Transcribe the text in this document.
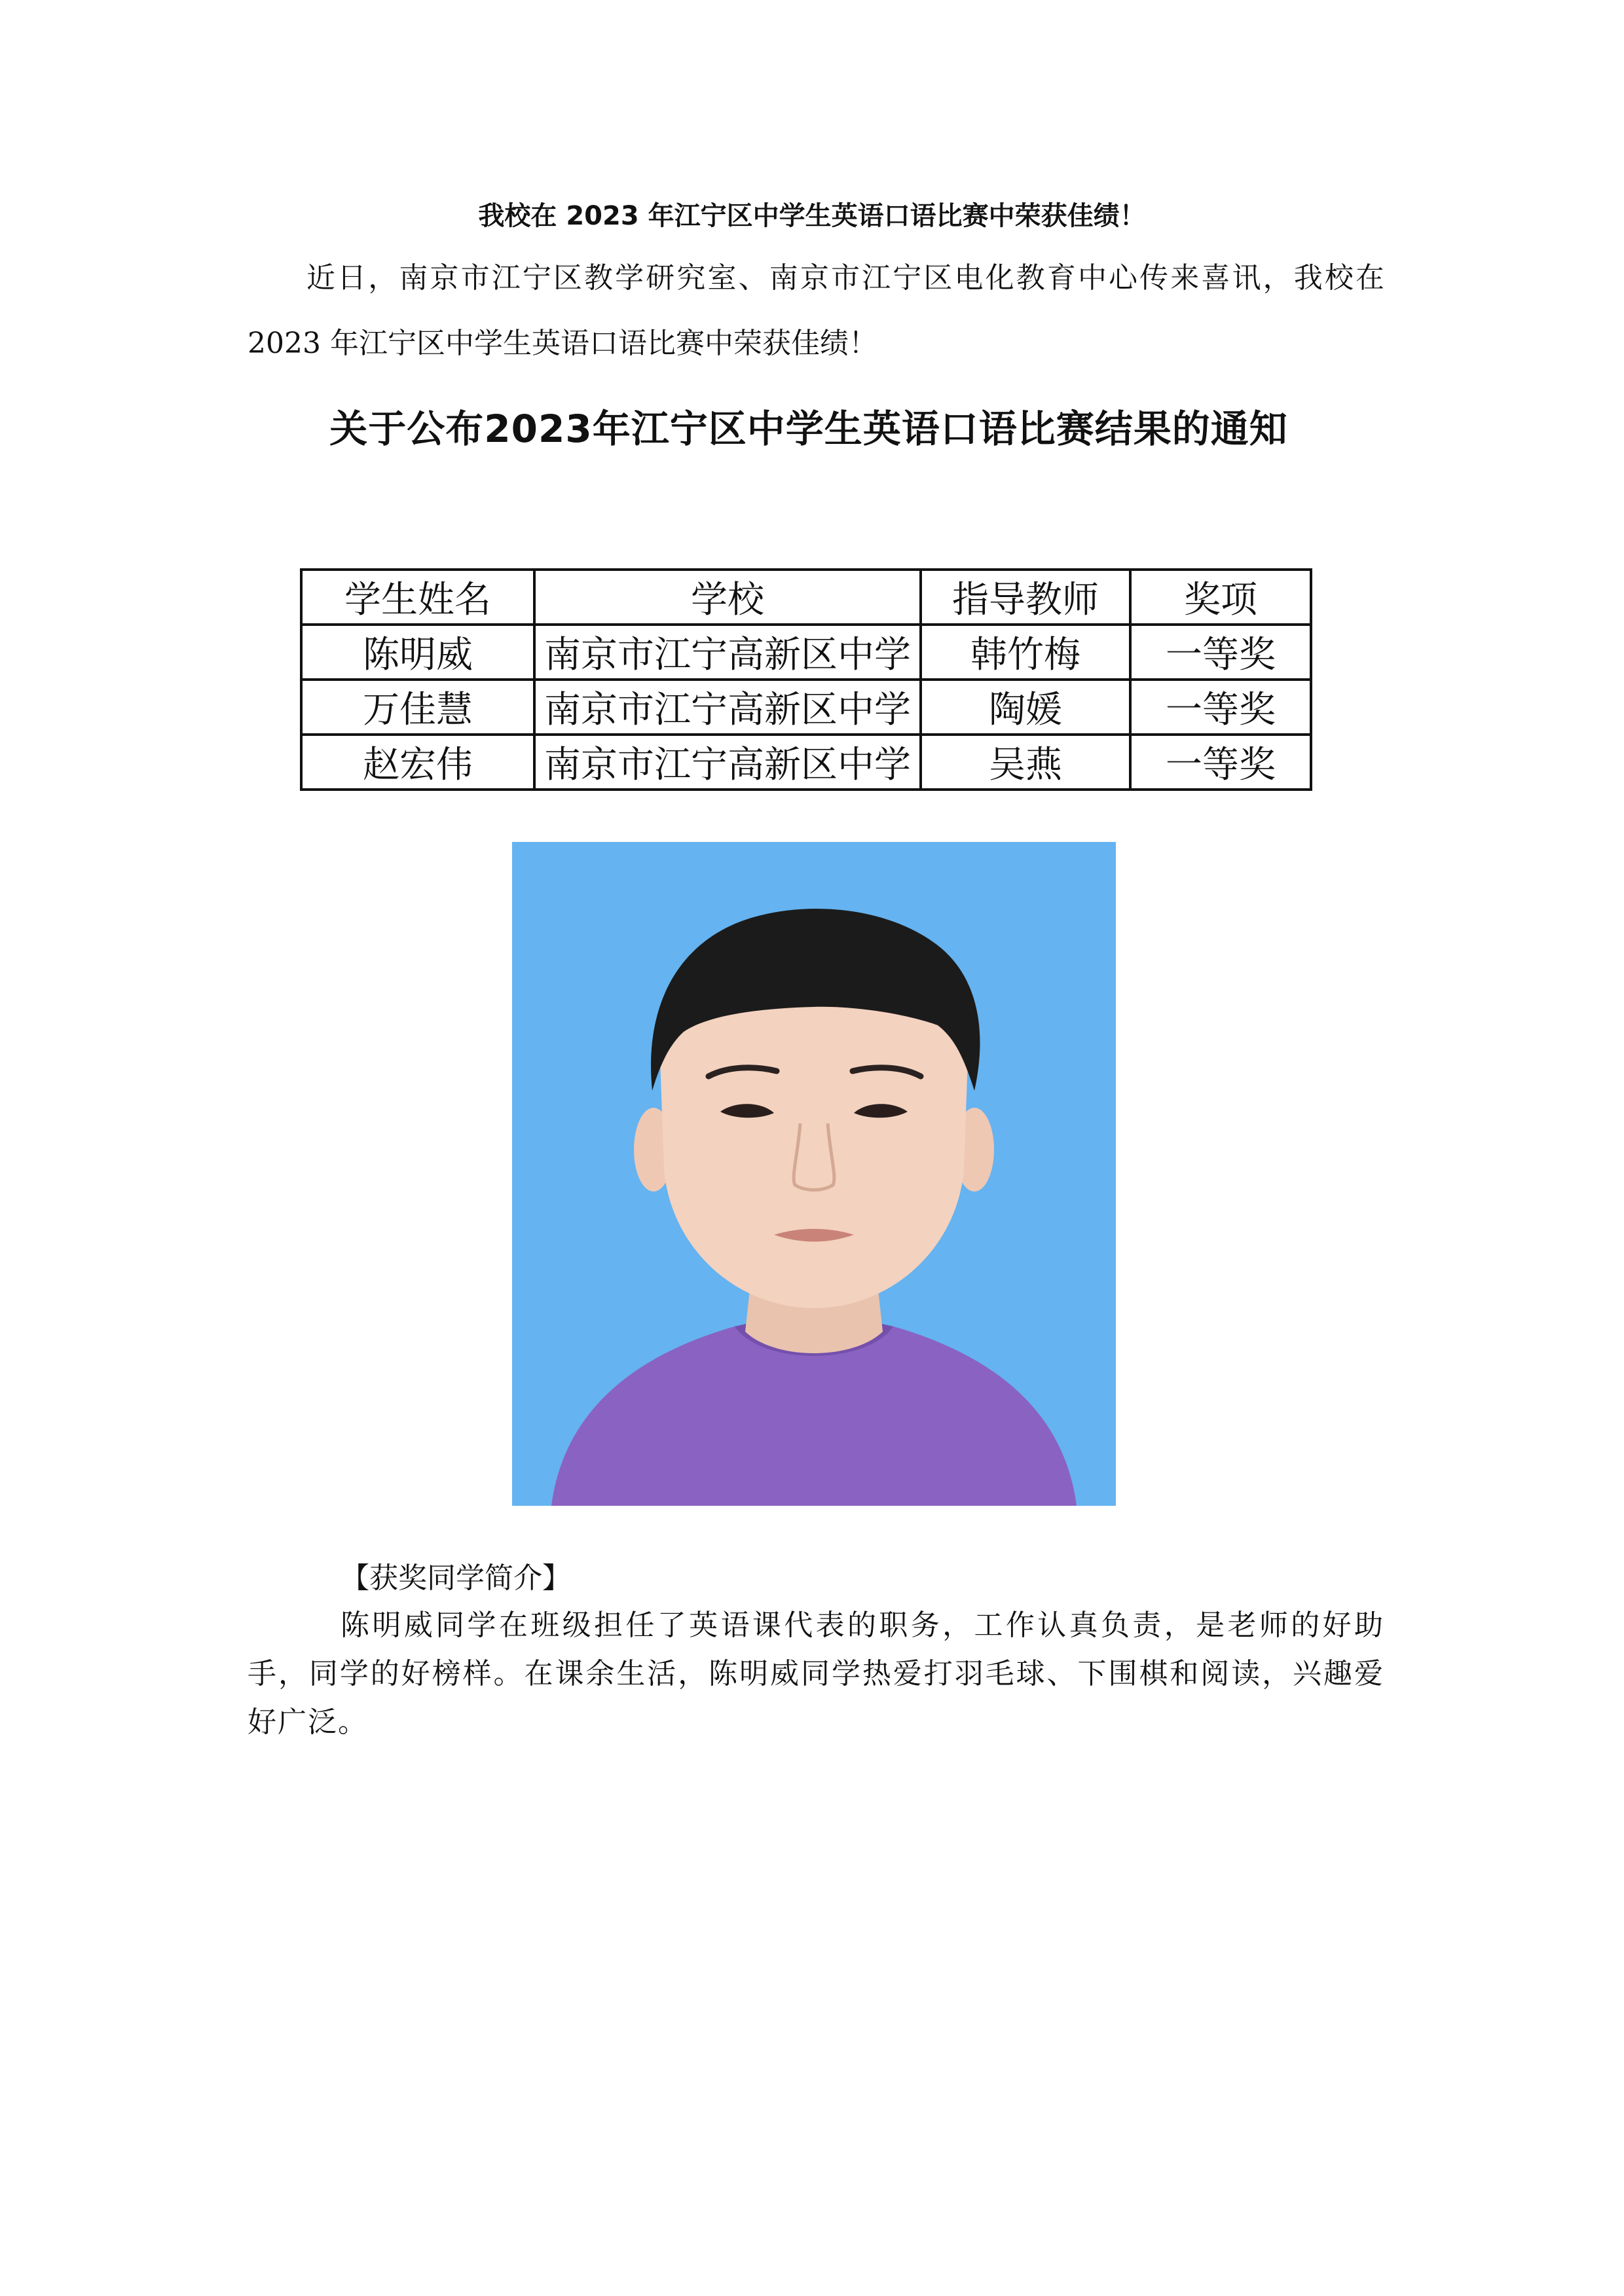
我校在 2023 年江宁区中学生英语口语比赛中荣获佳绩！

近日，南京市江宁区教学研究室、南京市江宁区电化教育中心传来喜讯，我校在 2023 年江宁区中学生英语口语比赛中荣获佳绩！

关于公布2023年江宁区中学生英语口语比赛结果的通知
学生姓名	学校	指导教师	奖项
陈明威	南京市江宁高新区中学	韩竹梅	一等奖
万佳慧	南京市江宁高新区中学	陶媛	一等奖
赵宏伟	南京市江宁高新区中学	吴燕	一等奖
【获奖同学简介】

陈明威同学在班级担任了英语课代表的职务，工作认真负责，是老师的好助手，同学的好榜样。在课余生活，陈明威同学热爱打羽毛球、下围棋和阅读，兴趣爱好广泛。
